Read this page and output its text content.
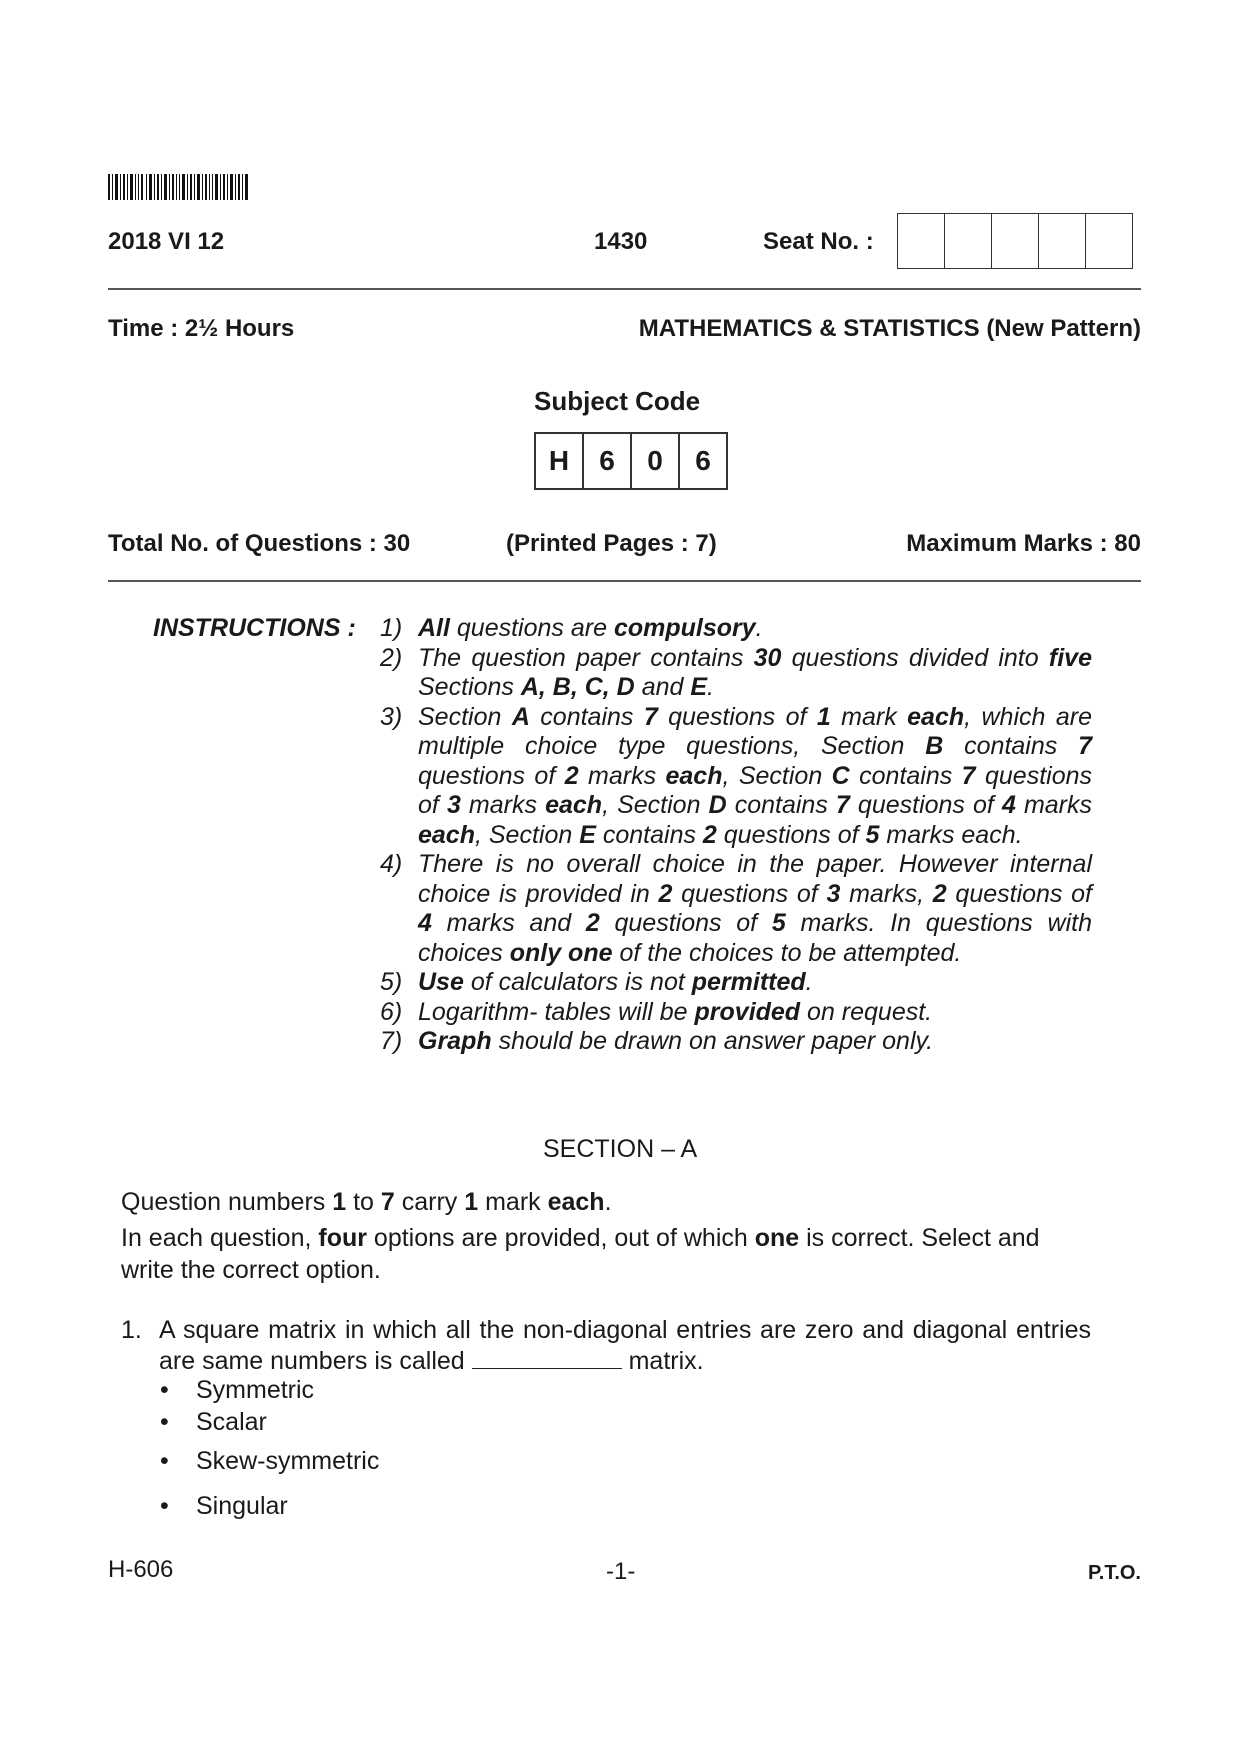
2018 VI 12	1430	Seat No. :
Time : 2½ Hours	MATHEMATICS & STATISTICS (New Pattern)
Subject Code
H	6	0	6
Total No. of Questions : 30	(Printed Pages : 7)	Maximum Marks : 80
INSTRUCTIONS : 1) All questions are compulsory.
2) The question paper contains 30 questions divided into five Sections A, B, C, D and E.
3) Section A contains 7 questions of 1 mark each, which are multiple choice type questions, Section B contains 7 questions of 2 marks each, Section C contains 7 questions of 3 marks each, Section D contains 7 questions of 4 marks each, Section E contains 2 questions of 5 marks each.
4) There is no overall choice in the paper. However internal choice is provided in 2 questions of 3 marks, 2 questions of 4 marks and 2 questions of 5 marks. In questions with choices only one of the choices to be attempted.
5) Use of calculators is not permitted.
6) Logarithm- tables will be provided on request.
7) Graph should be drawn on answer paper only.
SECTION – A
Question numbers 1 to 7 carry 1 mark each.
In each question, four options are provided, out of which one is correct. Select and write the correct option.
1. A square matrix in which all the non-diagonal entries are zero and diagonal entries are same numbers is called	matrix.
• Symmetric
• Scalar
• Skew-symmetric
• Singular
H-606	-1-	P.T.O.
